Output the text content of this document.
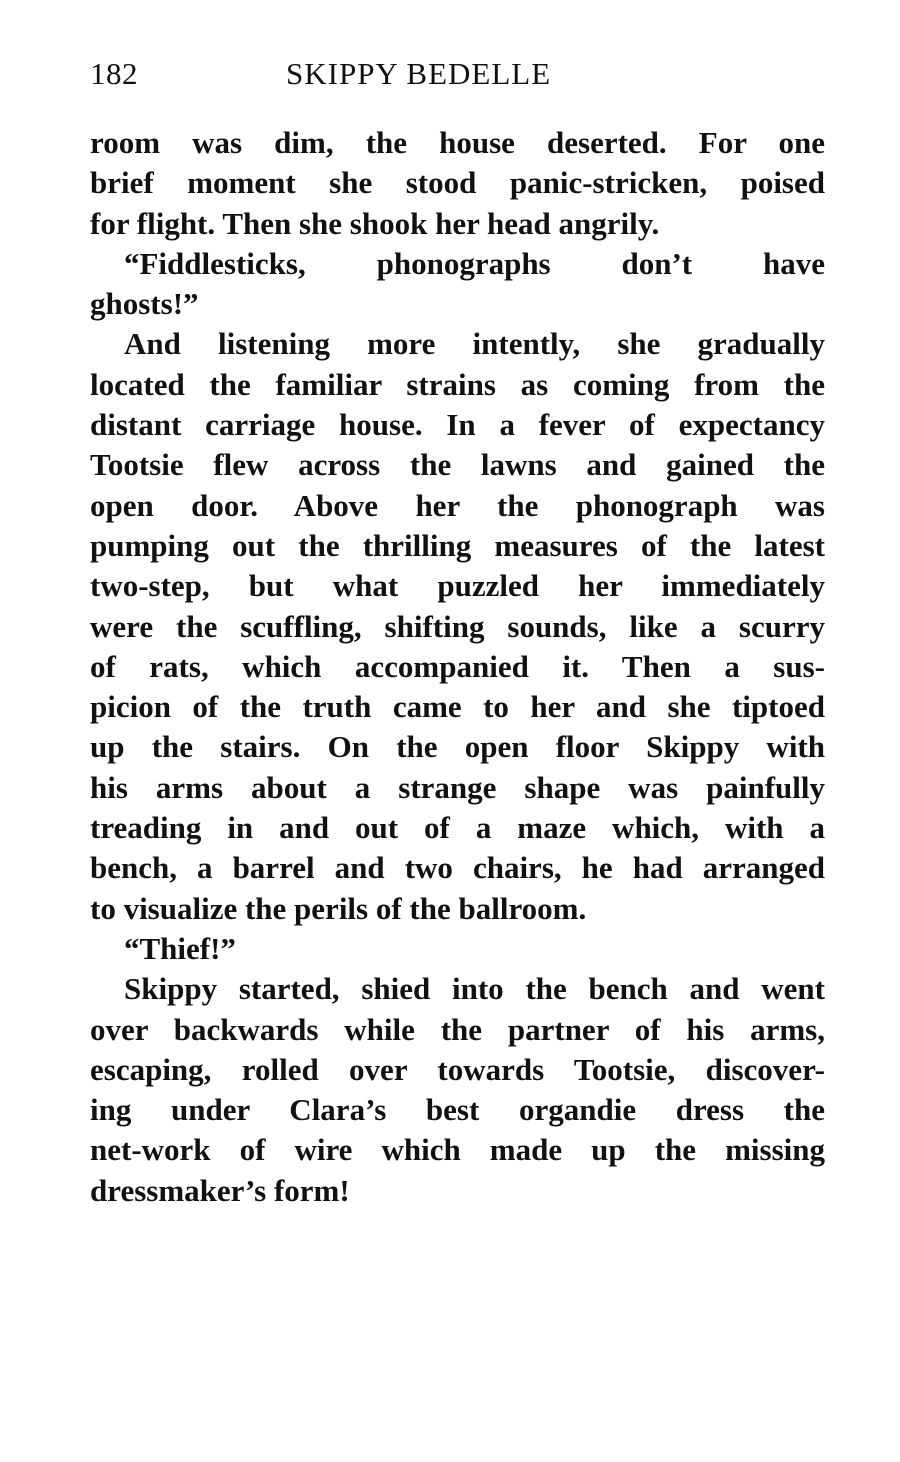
182	SKIPPY BEDELLE
room was dim, the house deserted. For one
brief moment she stood panic-stricken, poised
for flight. Then she shook her head angrily.
“Fiddlesticks, phonographs don’t have
ghosts!”
And listening more intently, she gradually
located the familiar strains as coming from the
distant carriage house. In a fever of expectancy
Tootsie flew across the lawns and gained the
open door. Above her the phonograph was
pumping out the thrilling measures of the latest
two-step, but what puzzled her immediately
were the scuffling, shifting sounds, like a scurry
of rats, which accompanied it. Then a sus-
picion of the truth came to her and she tiptoed
up the stairs. On the open floor Skippy with
his arms about a strange shape was painfully
treading in and out of a maze which, with a
bench, a barrel and two chairs, he had arranged
to visualize the perils of the ballroom.
“Thief!”
Skippy started, shied into the bench and went
over backwards while the partner of his arms,
escaping, rolled over towards Tootsie, discover-
ing under Clara’s best organdie dress the
net-work of wire which made up the missing
dressmaker’s form!
